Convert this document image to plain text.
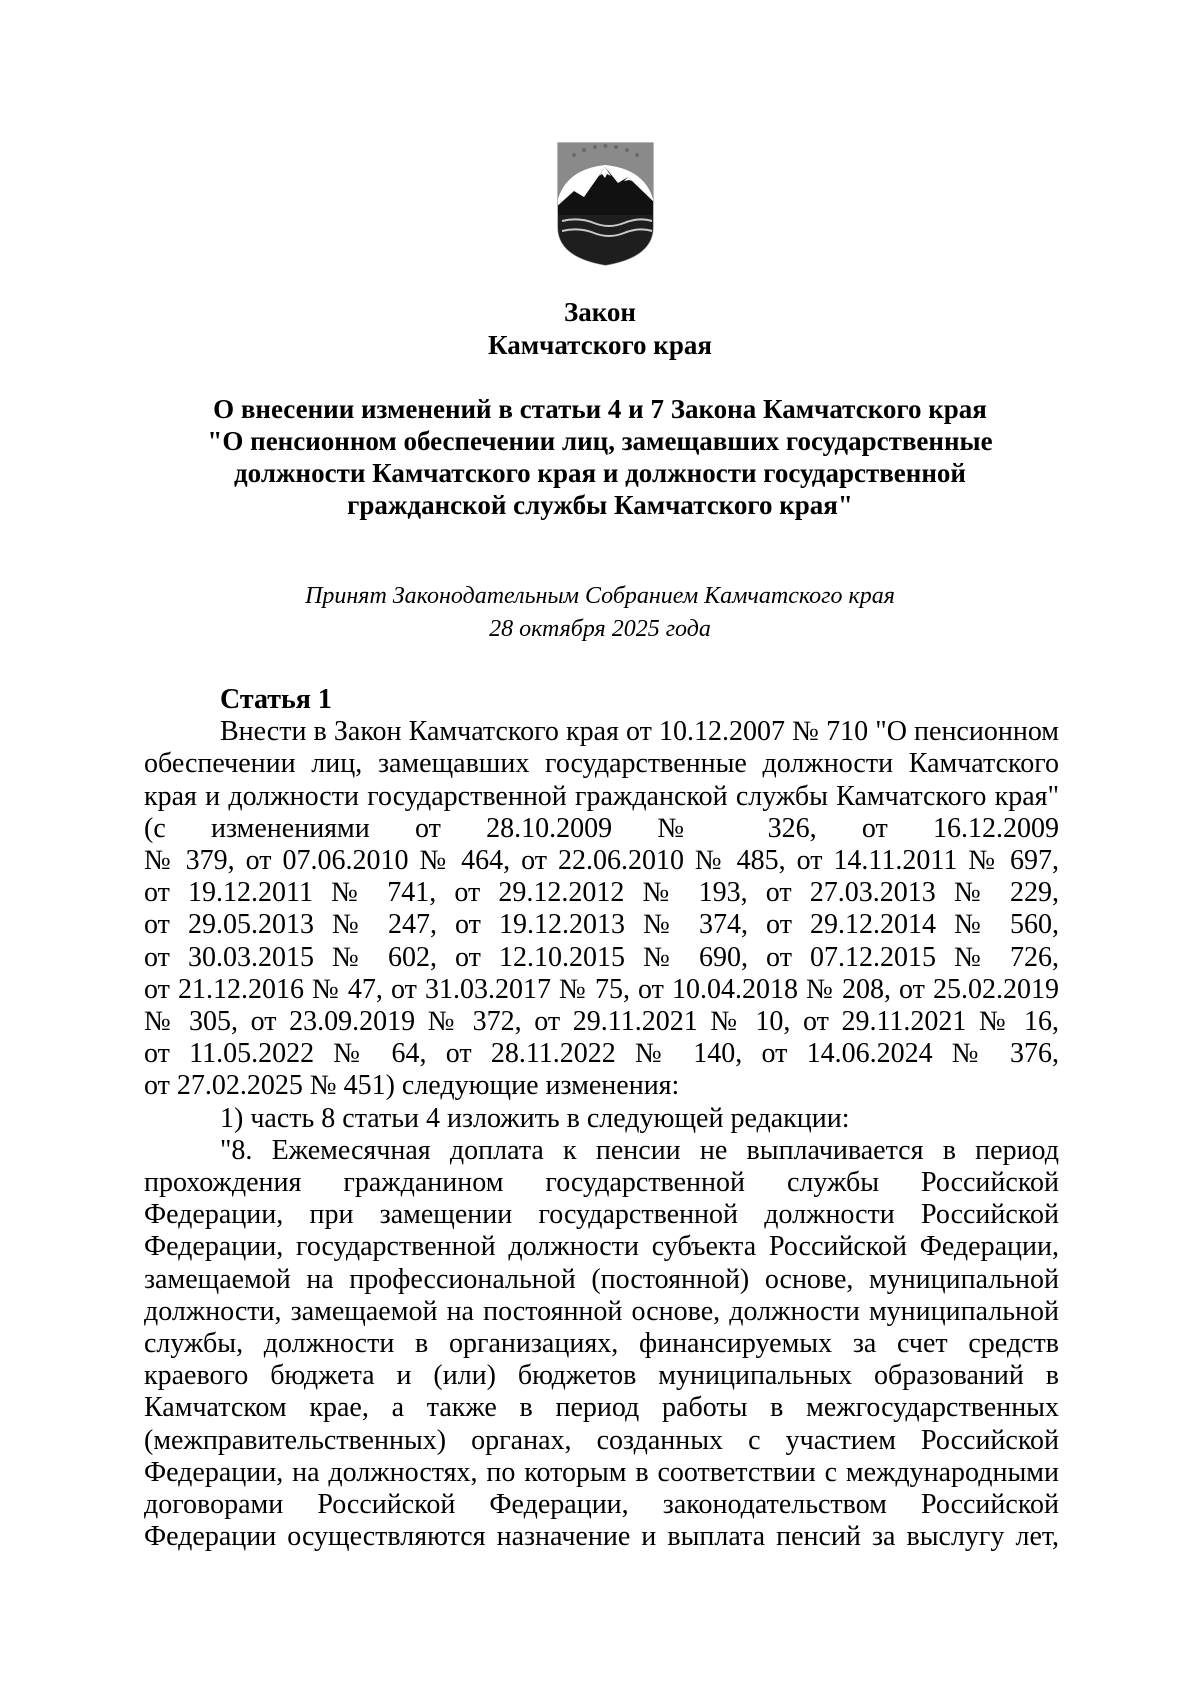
Закон
Камчатского края
О внесении изменений в статьи 4 и 7 Закона Камчатского края
"О пенсионном обеспечении лиц, замещавших государственные
должности Камчатского края и должности государственной
гражданской службы Камчатского края"
Принят Законодательным Собранием Камчатского края
28 октября 2025 года
Статья 1
Внести в Закон Камчатского края от 10.12.2007 № 710 "О пенсионном
обеспечении лиц, замещавших государственные должности Камчатского
края и должности государственной гражданской службы Камчатского края"
(с изменениями от 28.10.2009 № 326, от 16.12.2009
№ 379, от 07.06.2010 № 464, от 22.06.2010 № 485, от 14.11.2011 № 697,
от 19.12.2011 № 741, от 29.12.2012 № 193, от 27.03.2013 № 229,
от 29.05.2013 № 247, от 19.12.2013 № 374, от 29.12.2014 № 560,
от 30.03.2015 № 602, от 12.10.2015 № 690, от 07.12.2015 № 726,
от 21.12.2016 № 47, от 31.03.2017 № 75, от 10.04.2018 № 208, от 25.02.2019
№ 305, от 23.09.2019 № 372, от 29.11.2021 № 10, от 29.11.2021 № 16,
от 11.05.2022 № 64, от 28.11.2022 № 140, от 14.06.2024 № 376,
от 27.02.2025 № 451) следующие изменения:
1) часть 8 статьи 4 изложить в следующей редакции:
"8. Ежемесячная доплата к пенсии не выплачивается в период
прохождения гражданином государственной службы Российской
Федерации, при замещении государственной должности Российской
Федерации, государственной должности субъекта Российской Федерации,
замещаемой на профессиональной (постоянной) основе, муниципальной
должности, замещаемой на постоянной основе, должности муниципальной
службы, должности в организациях, финансируемых за счет средств
краевого бюджета и (или) бюджетов муниципальных образований в
Камчатском крае, а также в период работы в межгосударственных
(межправительственных) органах, созданных с участием Российской
Федерации, на должностях, по которым в соответствии с международными
договорами Российской Федерации, законодательством Российской
Федерации осуществляются назначение и выплата пенсий за выслугу лет,
